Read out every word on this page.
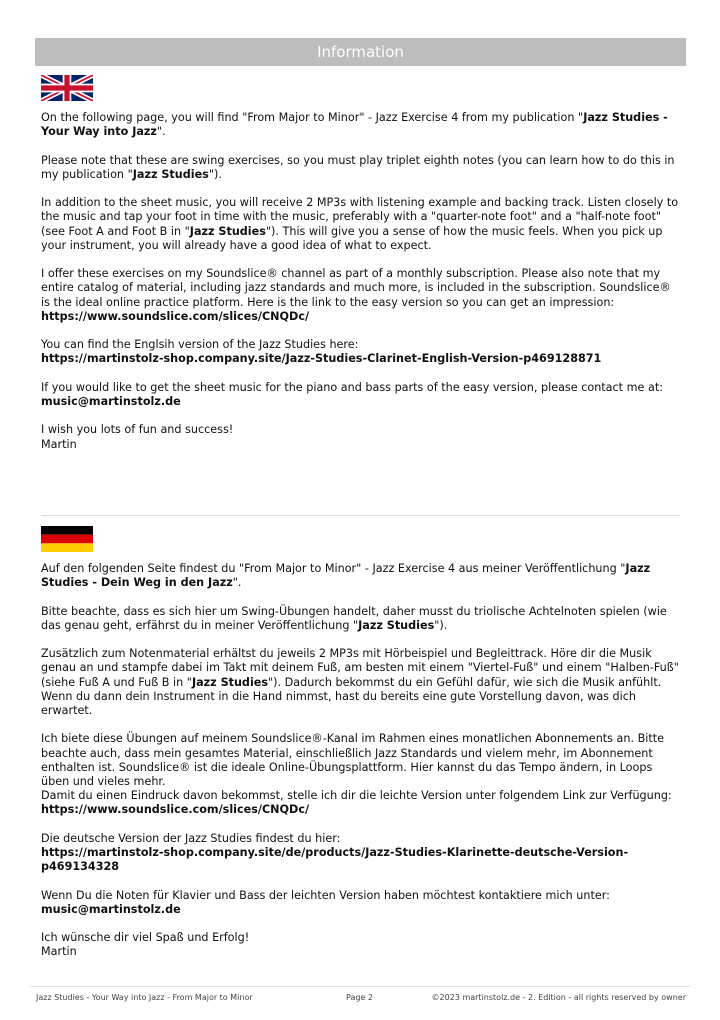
Information

On the following page, you will find "From Major to Minor" - Jazz Exercise 4 from my publication "Jazz Studies - Your Way into Jazz".

Please note that these are swing exercises, so you must play triplet eighth notes (you can learn how to do this in my publication "Jazz Studies").

In addition to the sheet music, you will receive 2 MP3s with listening example and backing track. Listen closely to the music and tap your foot in time with the music, preferably with a "quarter-note foot" and a "half-note foot" (see Foot A and Foot B in "Jazz Studies"). This will give you a sense of how the music feels. When you pick up your instrument, you will already have a good idea of what to expect.

I offer these exercises on my Soundslice® channel as part of a monthly subscription. Please also note that my entire catalog of material, including jazz standards and much more, is included in the subscription. Soundslice® is the ideal online practice platform. Here is the link to the easy version so you can get an impression:
https://www.soundslice.com/slices/CNQDc/

You can find the Englsih version of the Jazz Studies here:
https://martinstolz-shop.company.site/Jazz-Studies-Clarinet-English-Version-p469128871

If you would like to get the sheet music for the piano and bass parts of the easy version, please contact me at:
music@martinstolz.de

I wish you lots of fun and success!
Martin

Auf den folgenden Seite findest du "From Major to Minor" - Jazz Exercise 4 aus meiner Veröffentlichung "Jazz Studies - Dein Weg in den Jazz".

Bitte beachte, dass es sich hier um Swing-Übungen handelt, daher musst du triolische Achtelnoten spielen (wie das genau geht, erfährst du in meiner Veröffentlichung "Jazz Studies").

Zusätzlich zum Notenmaterial erhältst du jeweils 2 MP3s mit Hörbeispiel und Begleittrack. Höre dir die Musik genau an und stampfe dabei im Takt mit deinem Fuß, am besten mit einem "Viertel-Fuß" und einem "Halben-Fuß" (siehe Fuß A und Fuß B in "Jazz Studies"). Dadurch bekommst du ein Gefühl dafür, wie sich die Musik anfühlt. Wenn du dann dein Instrument in die Hand nimmst, hast du bereits eine gute Vorstellung davon, was dich erwartet.

Ich biete diese Übungen auf meinem Soundslice®-Kanal im Rahmen eines monatlichen Abonnements an. Bitte beachte auch, dass mein gesamtes Material, einschließlich Jazz Standards und vielem mehr, im Abonnement enthalten ist. Soundslice® ist die ideale Online-Übungsplattform. Hier kannst du das Tempo ändern, in Loops üben und vieles mehr.
Damit du einen Eindruck davon bekommst, stelle ich dir die leichte Version unter folgendem Link zur Verfügung:
https://www.soundslice.com/slices/CNQDc/

Die deutsche Version der Jazz Studies findest du hier:
https://martinstolz-shop.company.site/de/products/Jazz-Studies-Klarinette-deutsche-Version-p469134328

Wenn Du die Noten für Klavier und Bass der leichten Version haben möchtest kontaktiere mich unter:
music@martinstolz.de

Ich wünsche dir viel Spaß und Erfolg!
Martin

Jazz Studies - Your Way into Jazz - From Major to Minor	Page 2	©2023 martinstolz.de - 2. Edition - all rights reserved by owner
